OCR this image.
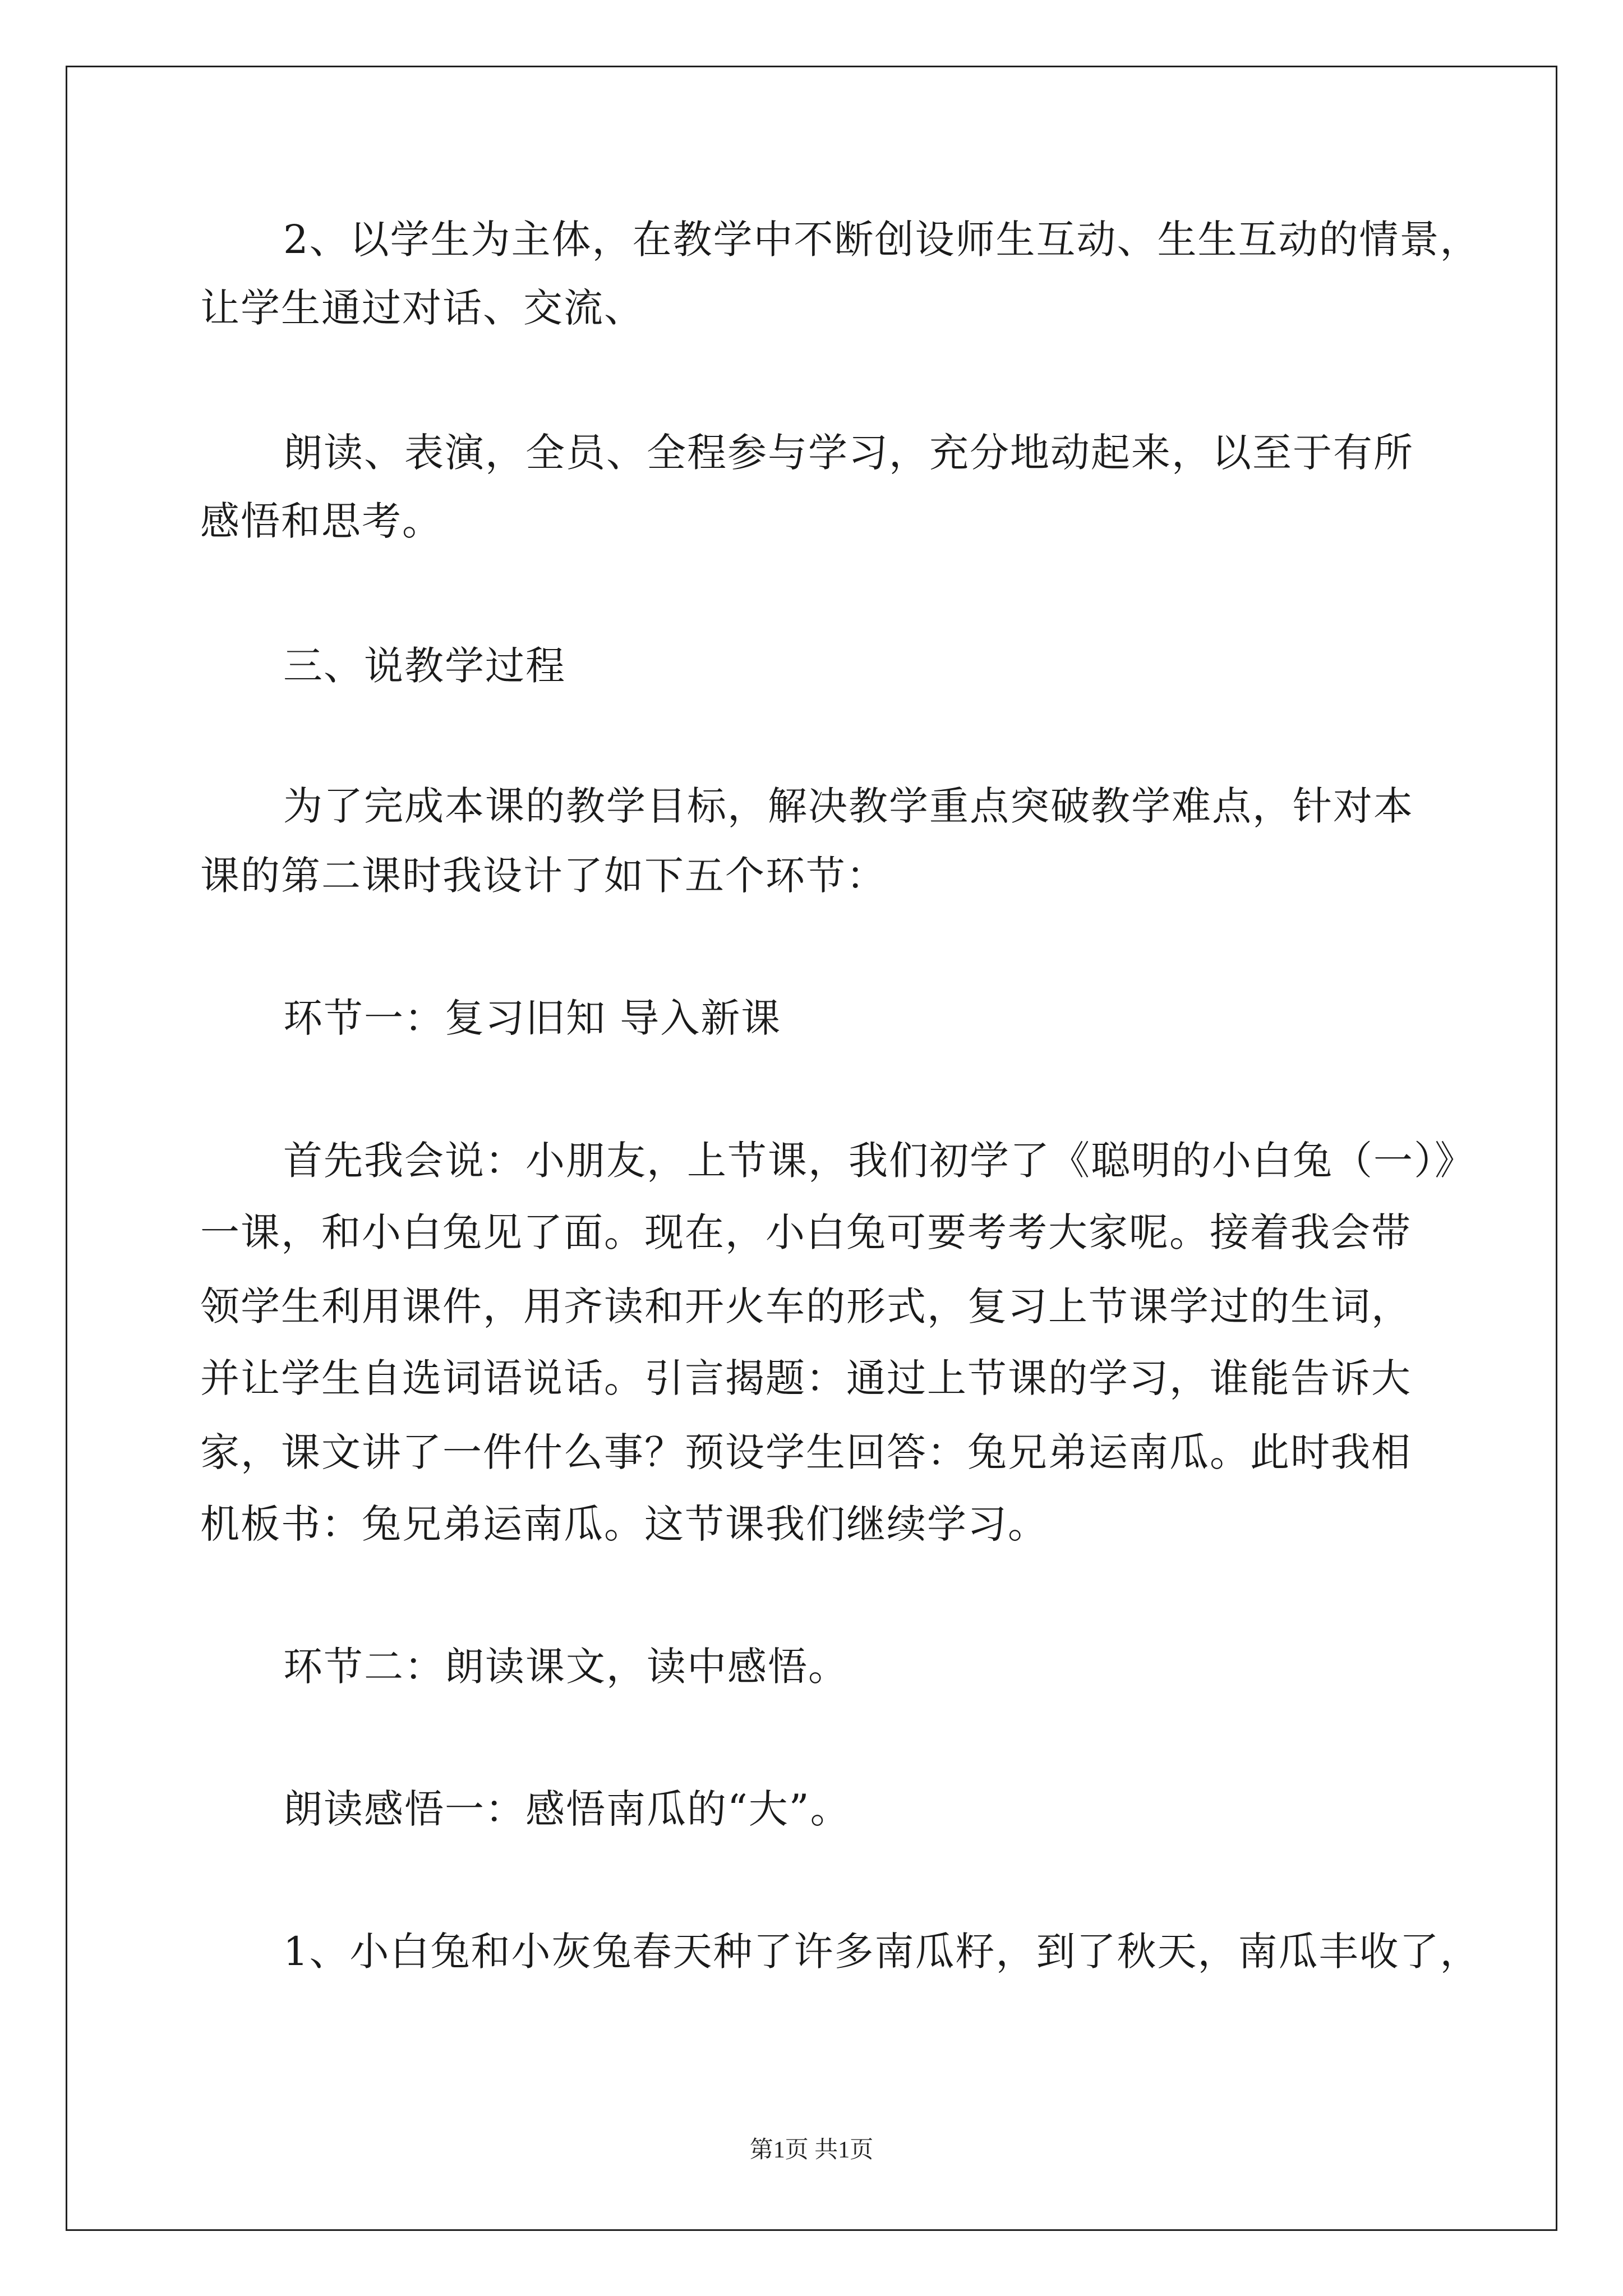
2、以学生为主体，在教学中不断创设师生互动、生生互动的情景，
让学生通过对话、交流、
朗读、表演，全员、全程参与学习，充分地动起来，以至于有所
感悟和思考。
三、说教学过程
为了完成本课的教学目标，解决教学重点突破教学难点，针对本
课的第二课时我设计了如下五个环节：
环节一：复习旧知 导入新课
首先我会说：小朋友，上节课，我们初学了《聪明的小白兔（一）》
一课，和小白兔见了面。现在，小白兔可要考考大家呢。接着我会带
领学生利用课件，用齐读和开火车的形式，复习上节课学过的生词，
并让学生自选词语说话。引言揭题：通过上节课的学习，谁能告诉大
家，课文讲了一件什么事？预设学生回答：兔兄弟运南瓜。此时我相
机板书：兔兄弟运南瓜。这节课我们继续学习。
环节二：朗读课文，读中感悟。
朗读感悟一：感悟南瓜的“大”。
1、小白兔和小灰兔春天种了许多南瓜籽，到了秋天，南瓜丰收了，
第1页 共1页
